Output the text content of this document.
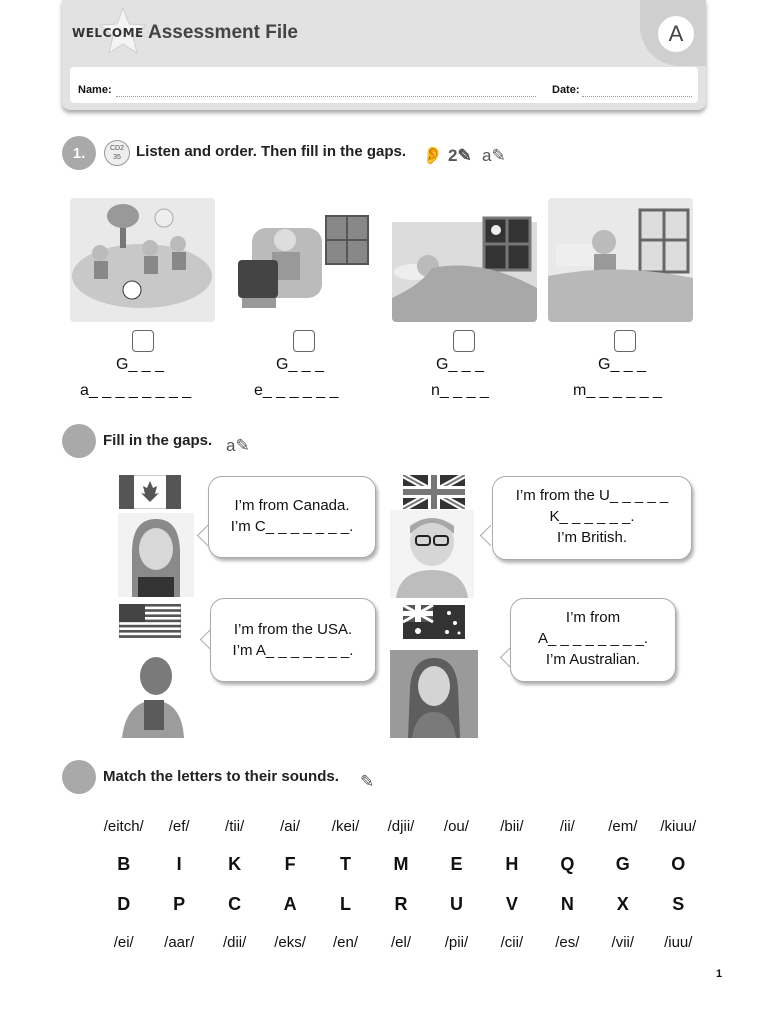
WELCOME Assessment File	A
Name:	Date:
1.	CD2
35 Listen and order. Then fill in the gaps. 👂 2✎ a✎
G_ _ _	G_ _ _	G_ _ _	G_ _ _
a_ _ _ _ _ _ _ _	e_ _ _ _ _ _	n_ _ _ _	m_ _ _ _ _ _
Fill in the gaps. a✎
I’m from Canada.
I’m C_ _ _ _ _ _ _.
I’m from the U_ _ _ _ _
K_ _ _ _ _ _.
I’m British.
I’m from the USA.
I’m A_ _ _ _ _ _ _.
I’m from
A_ _ _ _ _ _ _ _.
I’m Australian.
Match the letters to their sounds. ✎
/eitch/	/ef/	/tii/	/ai/	/kei/	/djii/	/ou/	/bii/	/ii/	/em/	/kiuu/
B	I	K	F	T	M	E	H	Q	G	O
D	P	C	A	L	R	U	V	N	X	S
/ei/	/aar/	/dii/	/eks/	/en/	/el/	/pii/	/cii/	/es/	/vii/	/iuu/
1
